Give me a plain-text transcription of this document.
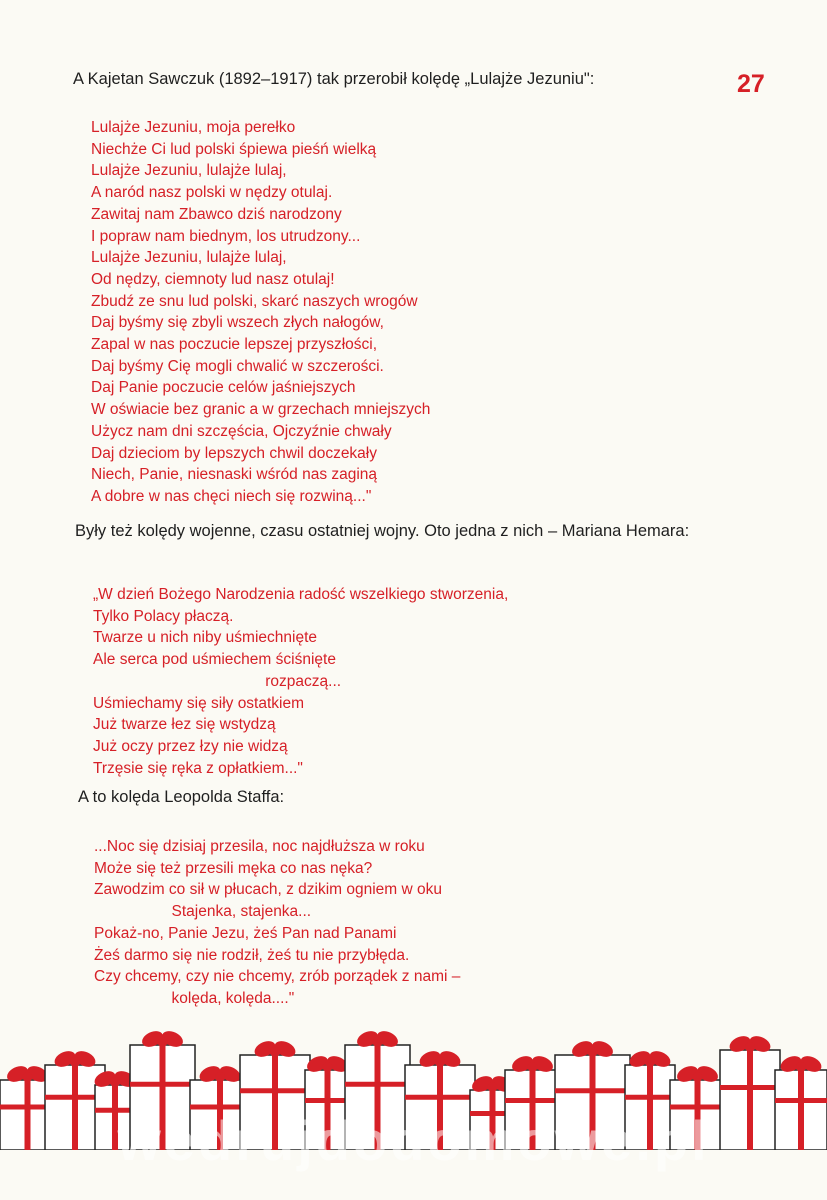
27

A Kajetan Sawczuk (1892–1917) tak przerobił kolędę „Lulajże Jezuniu":

Lulajże Jezuniu, moja perełko
Niechże Ci lud polski śpiewa pieśń wielką
Lulajże Jezuniu, lulajże lulaj,
A naród nasz polski w nędzy otulaj.
Zawitaj nam Zbawco dziś narodzony
I popraw nam biednym, los utrudzony...
Lulajże Jezuniu, lulajże lulaj,
Od nędzy, ciemnoty lud nasz otulaj!
Zbudź ze snu lud polski, skarć naszych wrogów
Daj byśmy się zbyli wszech złych nałogów,
Zapal w nas poczucie lepszej przyszłości,
Daj byśmy Cię mogli chwalić w szczerości.
Daj Panie poczucie celów jaśniejszych
W oświacie bez granic a w grzechach mniejszych
Użycz nam dni szczęścia, Ojczyźnie chwały
Daj dzieciom by lepszych chwil doczekały
Niech, Panie, niesnaski wśród nas zaginą
A dobre w nas chęci niech się rozwiną..."

Były też kolędy wojenne, czasu ostatniej wojny. Oto jedna z nich – Mariana Hemara:

„W dzień Bożego Narodzenia radość wszelkiego stworzenia,
Tylko Polacy płaczą.
Twarze u nich niby uśmiechnięte
Ale serca pod uśmiechem ściśnięte
rozpaczą...
Uśmiechamy się siły ostatkiem
Już twarze łez się wstydzą
Już oczy przez łzy nie widzą
Trzęsie się ręka z opłatkiem..."

A to kolęda Leopolda Staffa:

...Noc się dzisiaj przesila, noc najdłuższa w roku
Może się też przesili męka co nas nęka?
Zawodzim co sił w płucach, z dzikim ogniem w oku
Stajenka, stajenka...
Pokaż-no, Panie Jezu, żeś Pan nad Panami
Żeś darmo się nie rodził, żeś tu nie przybłęda.
Czy chcemy, czy nie chcemy, zrób porządek z nami –
kolęda, kolęda...."
wedrujdodomowe.pl
